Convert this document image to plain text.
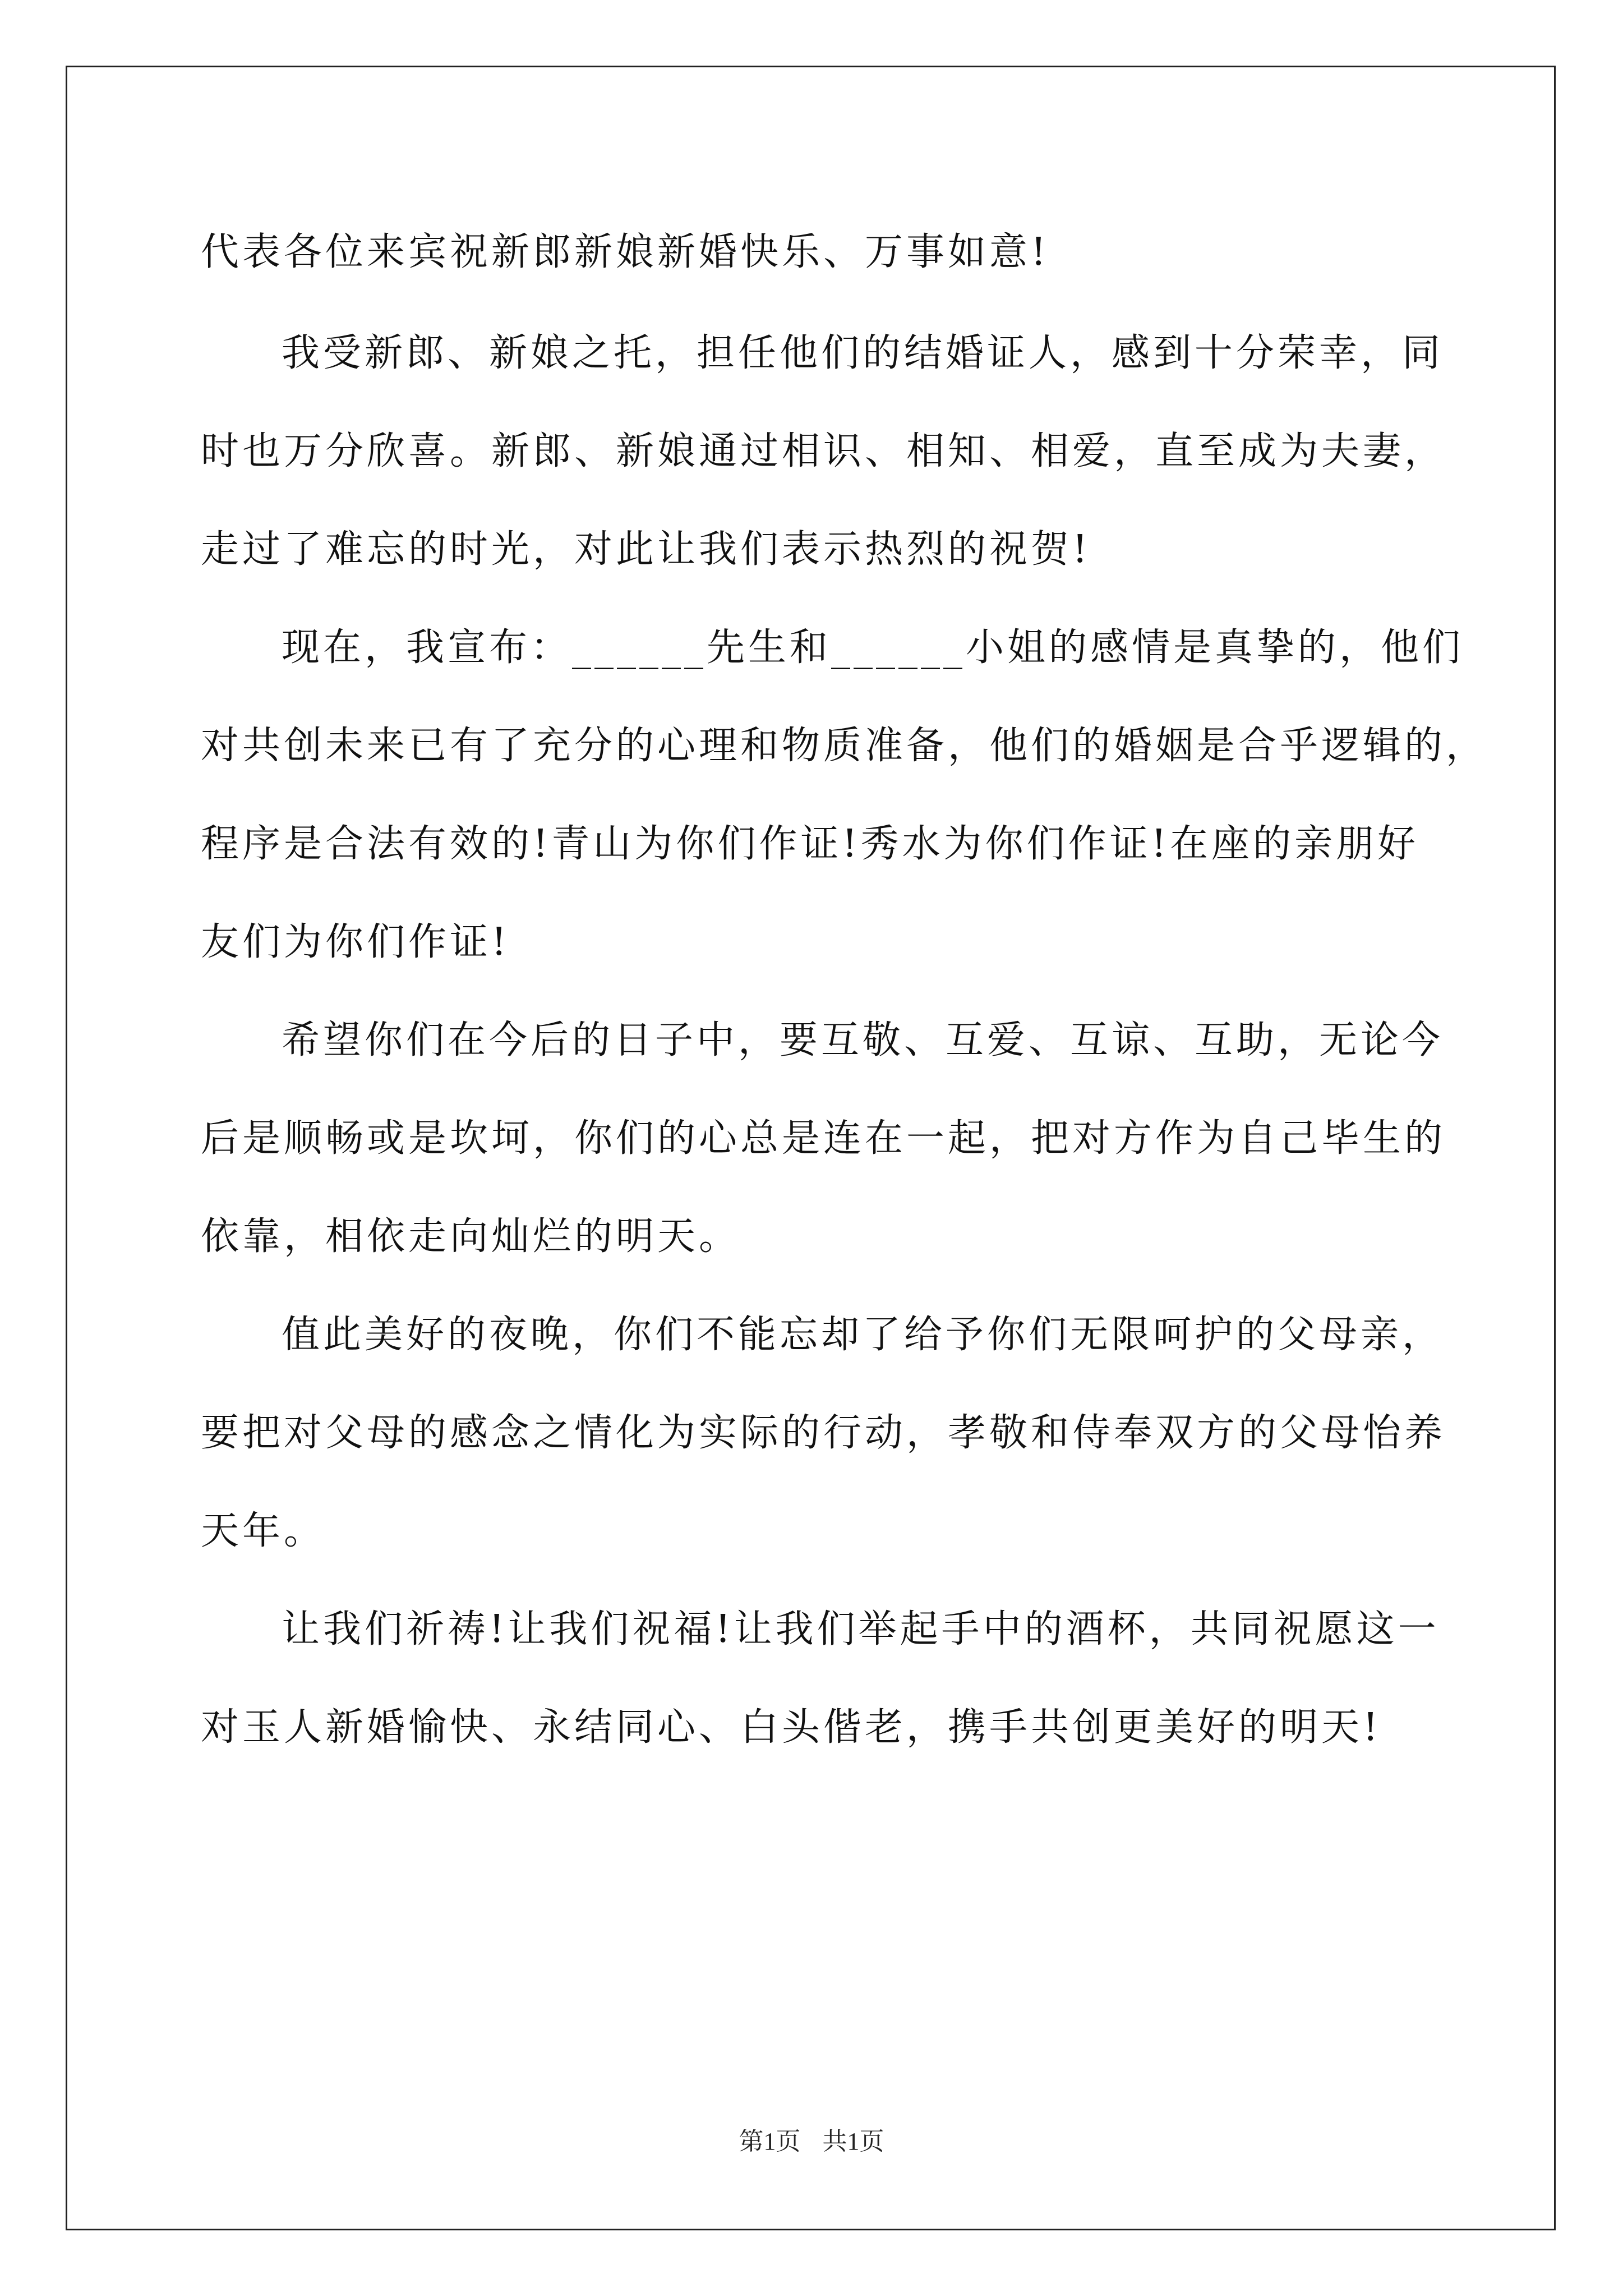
代表各位来宾祝新郎新娘新婚快乐、万事如意!
我受新郎、新娘之托，担任他们的结婚证人，感到十分荣幸，同
时也万分欣喜。新郎、新娘通过相识、相知、相爱，直至成为夫妻，
走过了难忘的时光，对此让我们表示热烈的祝贺!
现在，我宣布：______先生和______小姐的感情是真挚的，他们
对共创未来已有了充分的心理和物质准备，他们的婚姻是合乎逻辑的，
程序是合法有效的!青山为你们作证!秀水为你们作证!在座的亲朋好
友们为你们作证!
希望你们在今后的日子中，要互敬、互爱、互谅、互助，无论今
后是顺畅或是坎坷，你们的心总是连在一起，把对方作为自己毕生的
依靠，相依走向灿烂的明天。
值此美好的夜晚，你们不能忘却了给予你们无限呵护的父母亲，
要把对父母的感念之情化为实际的行动，孝敬和侍奉双方的父母怡养
天年。
让我们祈祷!让我们祝福!让我们举起手中的酒杯，共同祝愿这一
对玉人新婚愉快、永结同心、白头偕老，携手共创更美好的明天!
第1页 共1页
